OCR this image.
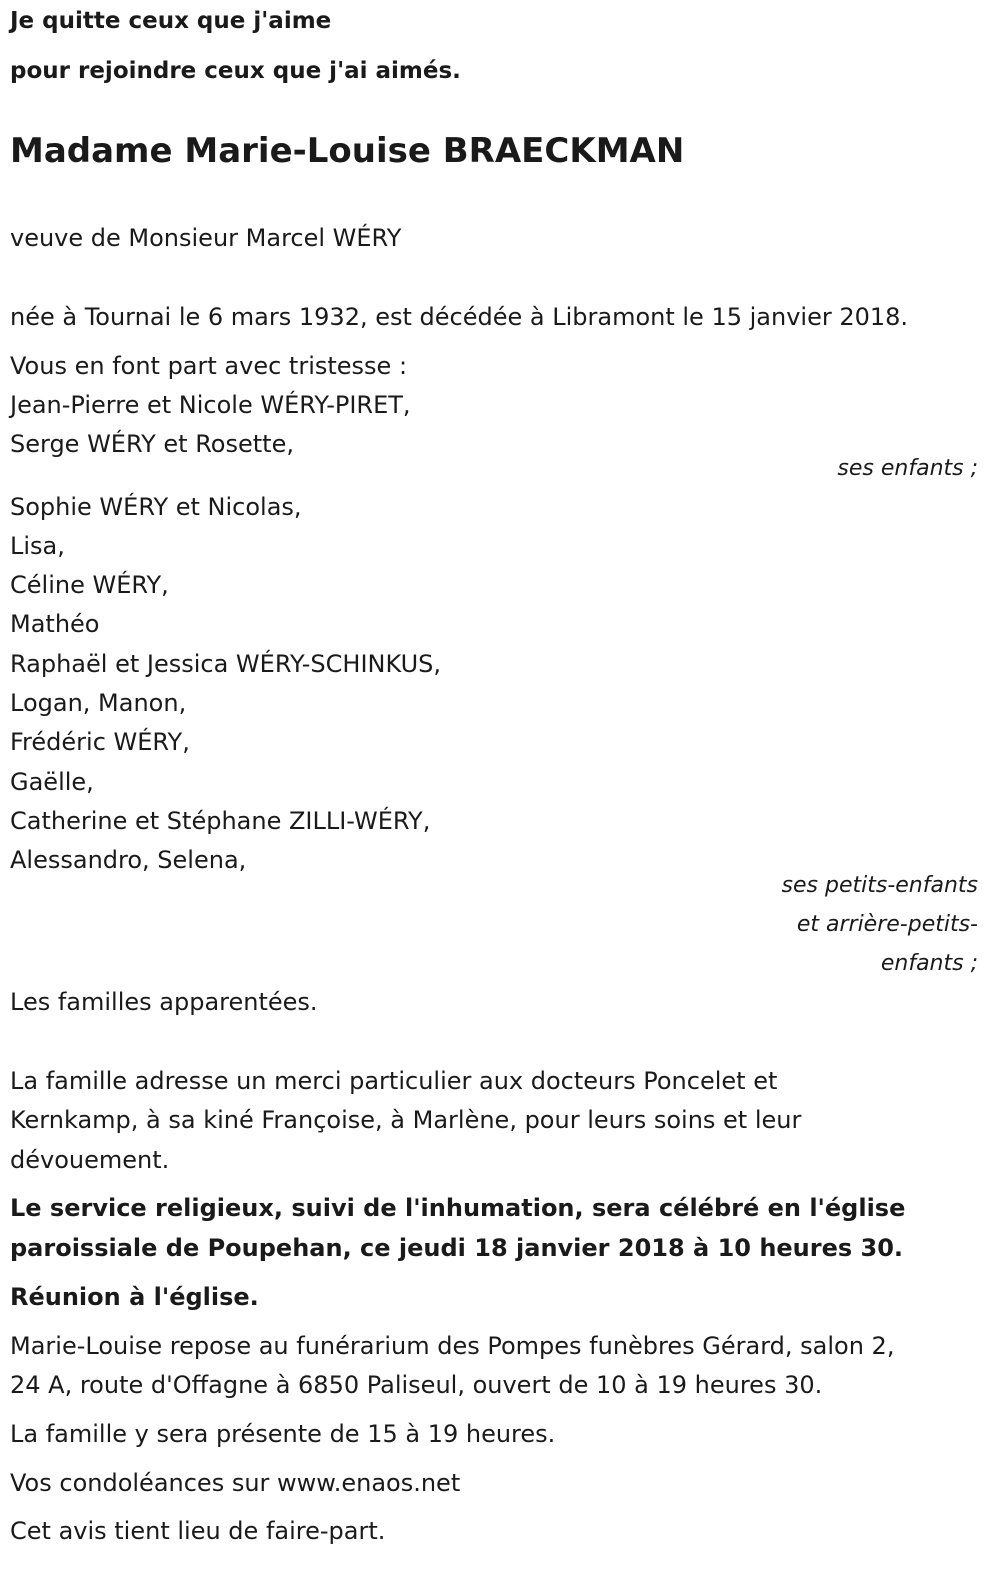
Je quitte ceux que j'aime

pour rejoindre ceux que j'ai aimés.

Madame Marie-Louise BRAECKMAN

veuve de Monsieur Marcel WÉRY

née à Tournai le 6 mars 1932, est décédée à Libramont le 15 janvier 2018.

Vous en font part avec tristesse :

Jean-Pierre et Nicole WÉRY-PIRET,

Serge WÉRY et Rosette,

ses enfants ;

Sophie WÉRY et Nicolas,

Lisa,

Céline WÉRY,

Mathéo

Raphaël et Jessica WÉRY-SCHINKUS,

Logan, Manon,

Frédéric WÉRY,

Gaëlle,

Catherine et Stéphane ZILLI-WÉRY,

Alessandro, Selena,

ses petits-enfants

et arrière-petits-

enfants ;

Les familles apparentées.

La famille adresse un merci particulier aux docteurs Poncelet et

Kernkamp, à sa kiné Françoise, à Marlène, pour leurs soins et leur

dévouement.

Le service religieux, suivi de l'inhumation, sera célébré en l'église

paroissiale de Poupehan, ce jeudi 18 janvier 2018 à 10 heures 30.

Réunion à l'église.

Marie-Louise repose au funérarium des Pompes funèbres Gérard, salon 2,

24 A, route d'Offagne à 6850 Paliseul, ouvert de 10 à 19 heures 30.

La famille y sera présente de 15 à 19 heures.

Vos condoléances sur www.enaos.net

Cet avis tient lieu de faire-part.
